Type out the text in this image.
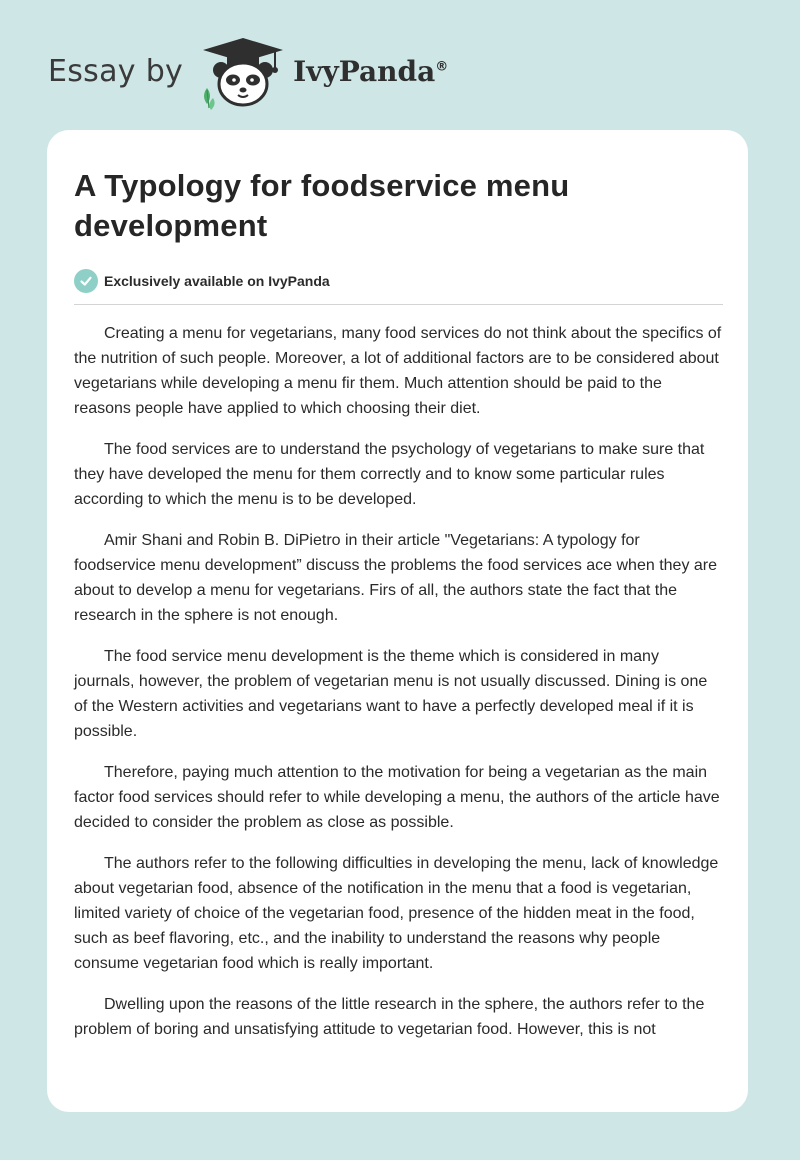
Essay by	IvyPanda®
A Typology for foodservice menu development
Exclusively available on IvyPanda

Creating a menu for vegetarians, many food services do not think about the specifics of the nutrition of such people. Moreover, a lot of additional factors are to be considered about vegetarians while developing a menu fir them. Much attention should be paid to the reasons people have applied to which choosing their diet.

The food services are to understand the psychology of vegetarians to make sure that they have developed the menu for them correctly and to know some particular rules according to which the menu is to be developed.

Amir Shani and Robin B. DiPietro in their article "Vegetarians: A typology for foodservice menu development” discuss the problems the food services ace when they are about to develop a menu for vegetarians. Firs of all, the authors state the fact that the research in the sphere is not enough.

The food service menu development is the theme which is considered in many journals, however, the problem of vegetarian menu is not usually discussed. Dining is one of the Western activities and vegetarians want to have a perfectly developed meal if it is possible.

Therefore, paying much attention to the motivation for being a vegetarian as the main factor food services should refer to while developing a menu, the authors of the article have decided to consider the problem as close as possible.

The authors refer to the following difficulties in developing the menu, lack of knowledge about vegetarian food, absence of the notification in the menu that a food is vegetarian, limited variety of choice of the vegetarian food, presence of the hidden meat in the food, such as beef flavoring, etc., and the inability to understand the reasons why people consume vegetarian food which is really important.

Dwelling upon the reasons of the little research in the sphere, the authors refer to the problem of boring and unsatisfying attitude to vegetarian food. However, this is not
